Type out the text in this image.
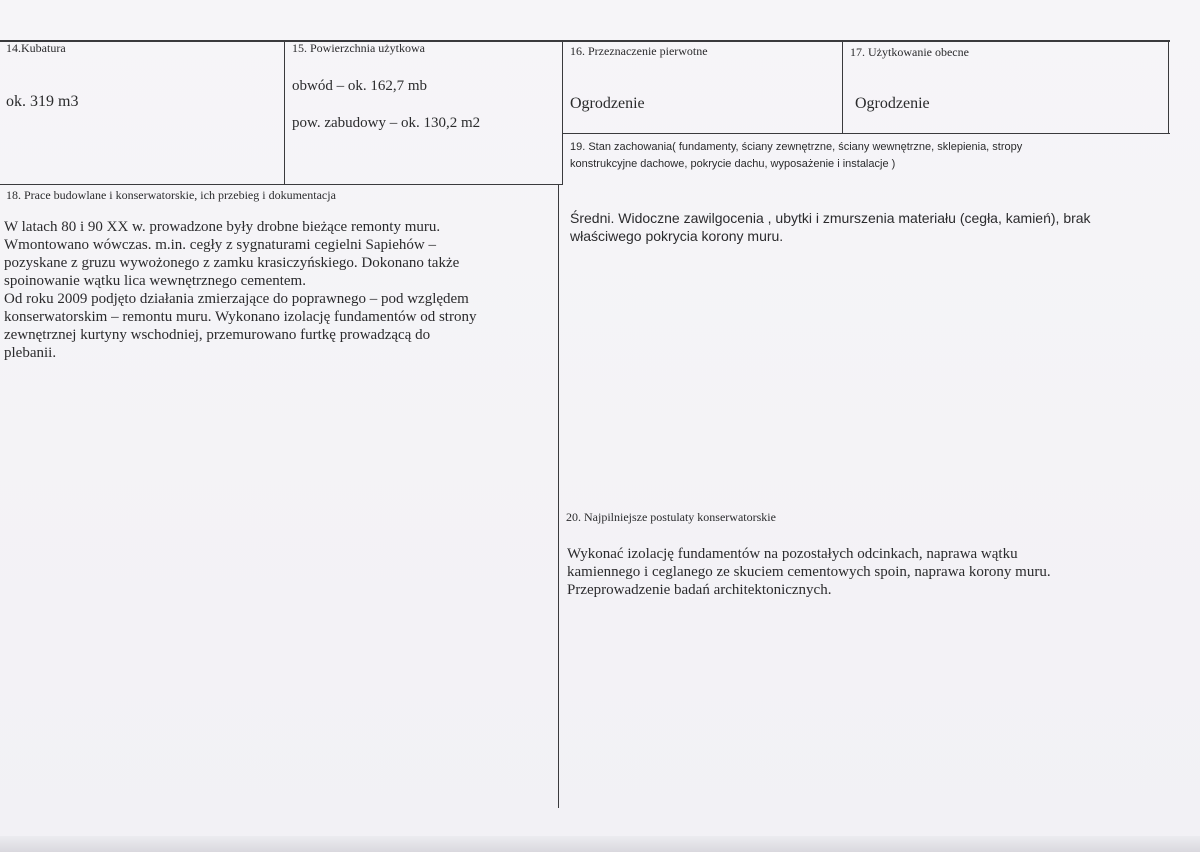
14.Kubatura
ok. 319 m3
15. Powierzchnia użytkowa
obwód – ok. 162,7 mb
pow. zabudowy – ok. 130,2 m2
16. Przeznaczenie pierwotne
Ogrodzenie
17. Użytkowanie obecne
Ogrodzenie
19. Stan zachowania( fundamenty, ściany zewnętrzne, ściany wewnętrzne, sklepienia, stropy
konstrukcyjne dachowe, pokrycie dachu, wyposażenie i instalacje )
Średni. Widoczne zawilgocenia , ubytki i zmurszenia materiału (cegła, kamień), brak
właściwego pokrycia korony muru.
18. Prace budowlane i konserwatorskie, ich przebieg i dokumentacja
W latach 80 i 90 XX w. prowadzone były drobne bieżące remonty muru.
Wmontowano wówczas. m.in. cegły z sygnaturami cegielni Sapiehów –
pozyskane z gruzu wywożonego z zamku krasiczyńskiego. Dokonano także
spoinowanie wątku lica wewnętrznego cementem.
Od roku 2009 podjęto działania zmierzające do poprawnego – pod względem
konserwatorskim – remontu muru. Wykonano izolację fundamentów od strony
zewnętrznej kurtyny wschodniej, przemurowano furtkę prowadzącą do
plebanii.
20. Najpilniejsze postulaty konserwatorskie
Wykonać izolację fundamentów na pozostałych odcinkach, naprawa wątku
kamiennego i ceglanego ze skuciem cementowych spoin, naprawa korony muru.
Przeprowadzenie badań architektonicznych.
